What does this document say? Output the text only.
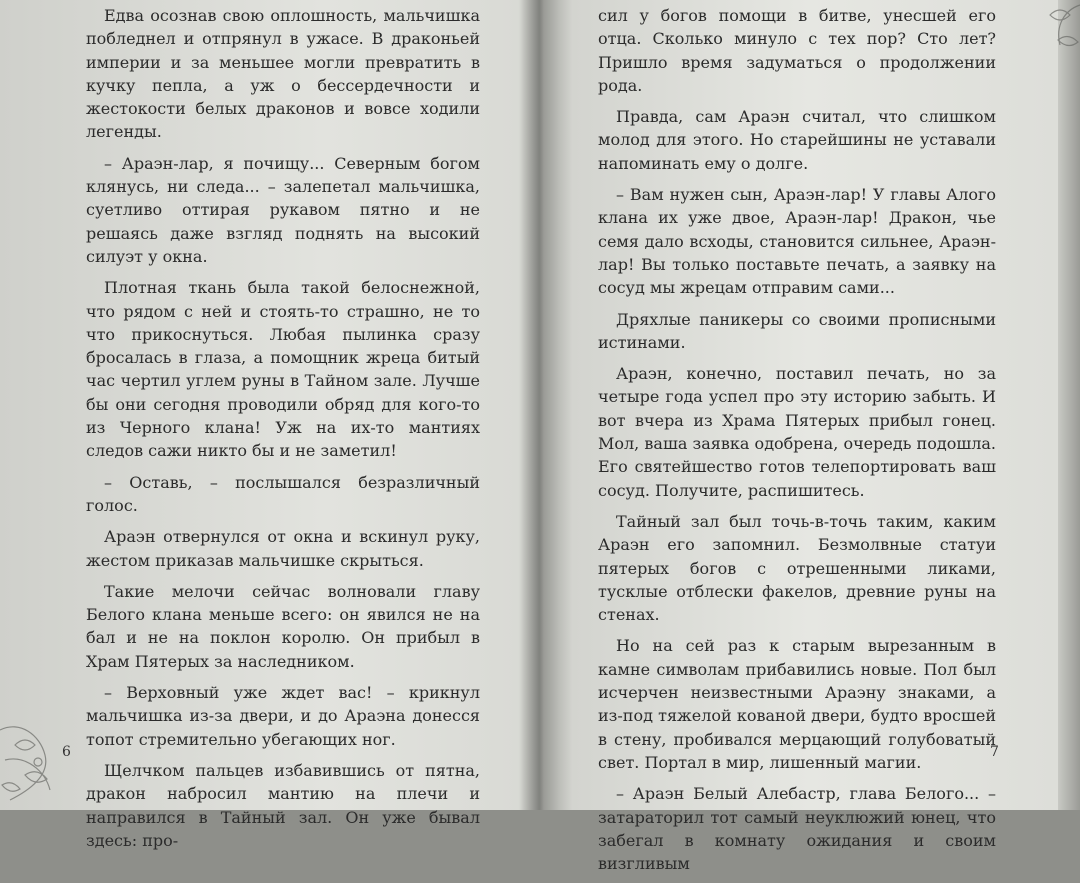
Едва осознав свою оплошность, мальчишка побледнел и отпрянул в ужасе. В драконьей империи и за меньшее могли превратить в кучку пепла, а уж о бессердечности и жестокости белых драконов и вовсе ходили легенды.

– Араэн-лар, я почищу... Северным богом клянусь, ни следа... – залепетал мальчишка, суетливо оттирая рукавом пятно и не решаясь даже взгляд поднять на высокий силуэт у окна.

Плотная ткань была такой белоснежной, что рядом с ней и стоять-то страшно, не то что прикоснуться. Любая пылинка сразу бросалась в глаза, а помощник жреца битый час чертил углем руны в Тайном зале. Лучше бы они сегодня проводили обряд для кого-то из Черного клана! Уж на их-то мантиях следов сажи никто бы и не заметил!

– Оставь, – послышался безразличный голос.

Араэн отвернулся от окна и вскинул руку, жестом приказав мальчишке скрыться.

Такие мелочи сейчас волновали главу Белого клана меньше всего: он явился не на бал и не на поклон королю. Он прибыл в Храм Пятерых за наследником.

– Верховный уже ждет вас! – крикнул мальчишка из-за двери, и до Араэна донесся топот стремительно убегающих ног.

Щелчком пальцев избавившись от пятна, дракон набросил мантию на плечи и направился в Тайный зал. Он уже бывал здесь: про-

6

сил у богов помощи в битве, унесшей его отца. Сколько минуло с тех пор? Сто лет? Пришло время задуматься о продолжении рода.

Правда, сам Араэн считал, что слишком молод для этого. Но старейшины не уставали напоминать ему о долге.

– Вам нужен сын, Араэн-лар! У главы Алого клана их уже двое, Араэн-лар! Дракон, чье семя дало всходы, становится сильнее, Араэн-лар! Вы только поставьте печать, а заявку на сосуд мы жрецам отправим сами...

Дряхлые паникеры со своими прописными истинами.

Араэн, конечно, поставил печать, но за четыре года успел про эту историю забыть. И вот вчера из Храма Пятерых прибыл гонец. Мол, ваша заявка одобрена, очередь подошла. Его святейшество готов телепортировать ваш сосуд. Получите, распишитесь.

Тайный зал был точь-в-точь таким, каким Араэн его запомнил. Безмолвные статуи пятерых богов с отрешенными ликами, тусклые отблески факелов, древние руны на стенах.

Но на сей раз к старым вырезанным в камне символам прибавились новые. Пол был исчерчен неизвестными Араэну знаками, а из-под тяжелой кованой двери, будто вросшей в стену, пробивался мерцающий голубоватый свет. Портал в мир, лишенный магии.

– Араэн Белый Алебастр, глава Белого... – затараторил тот самый неуклюжий юнец, что забегал в комнату ожидания и своим визгливым

7
